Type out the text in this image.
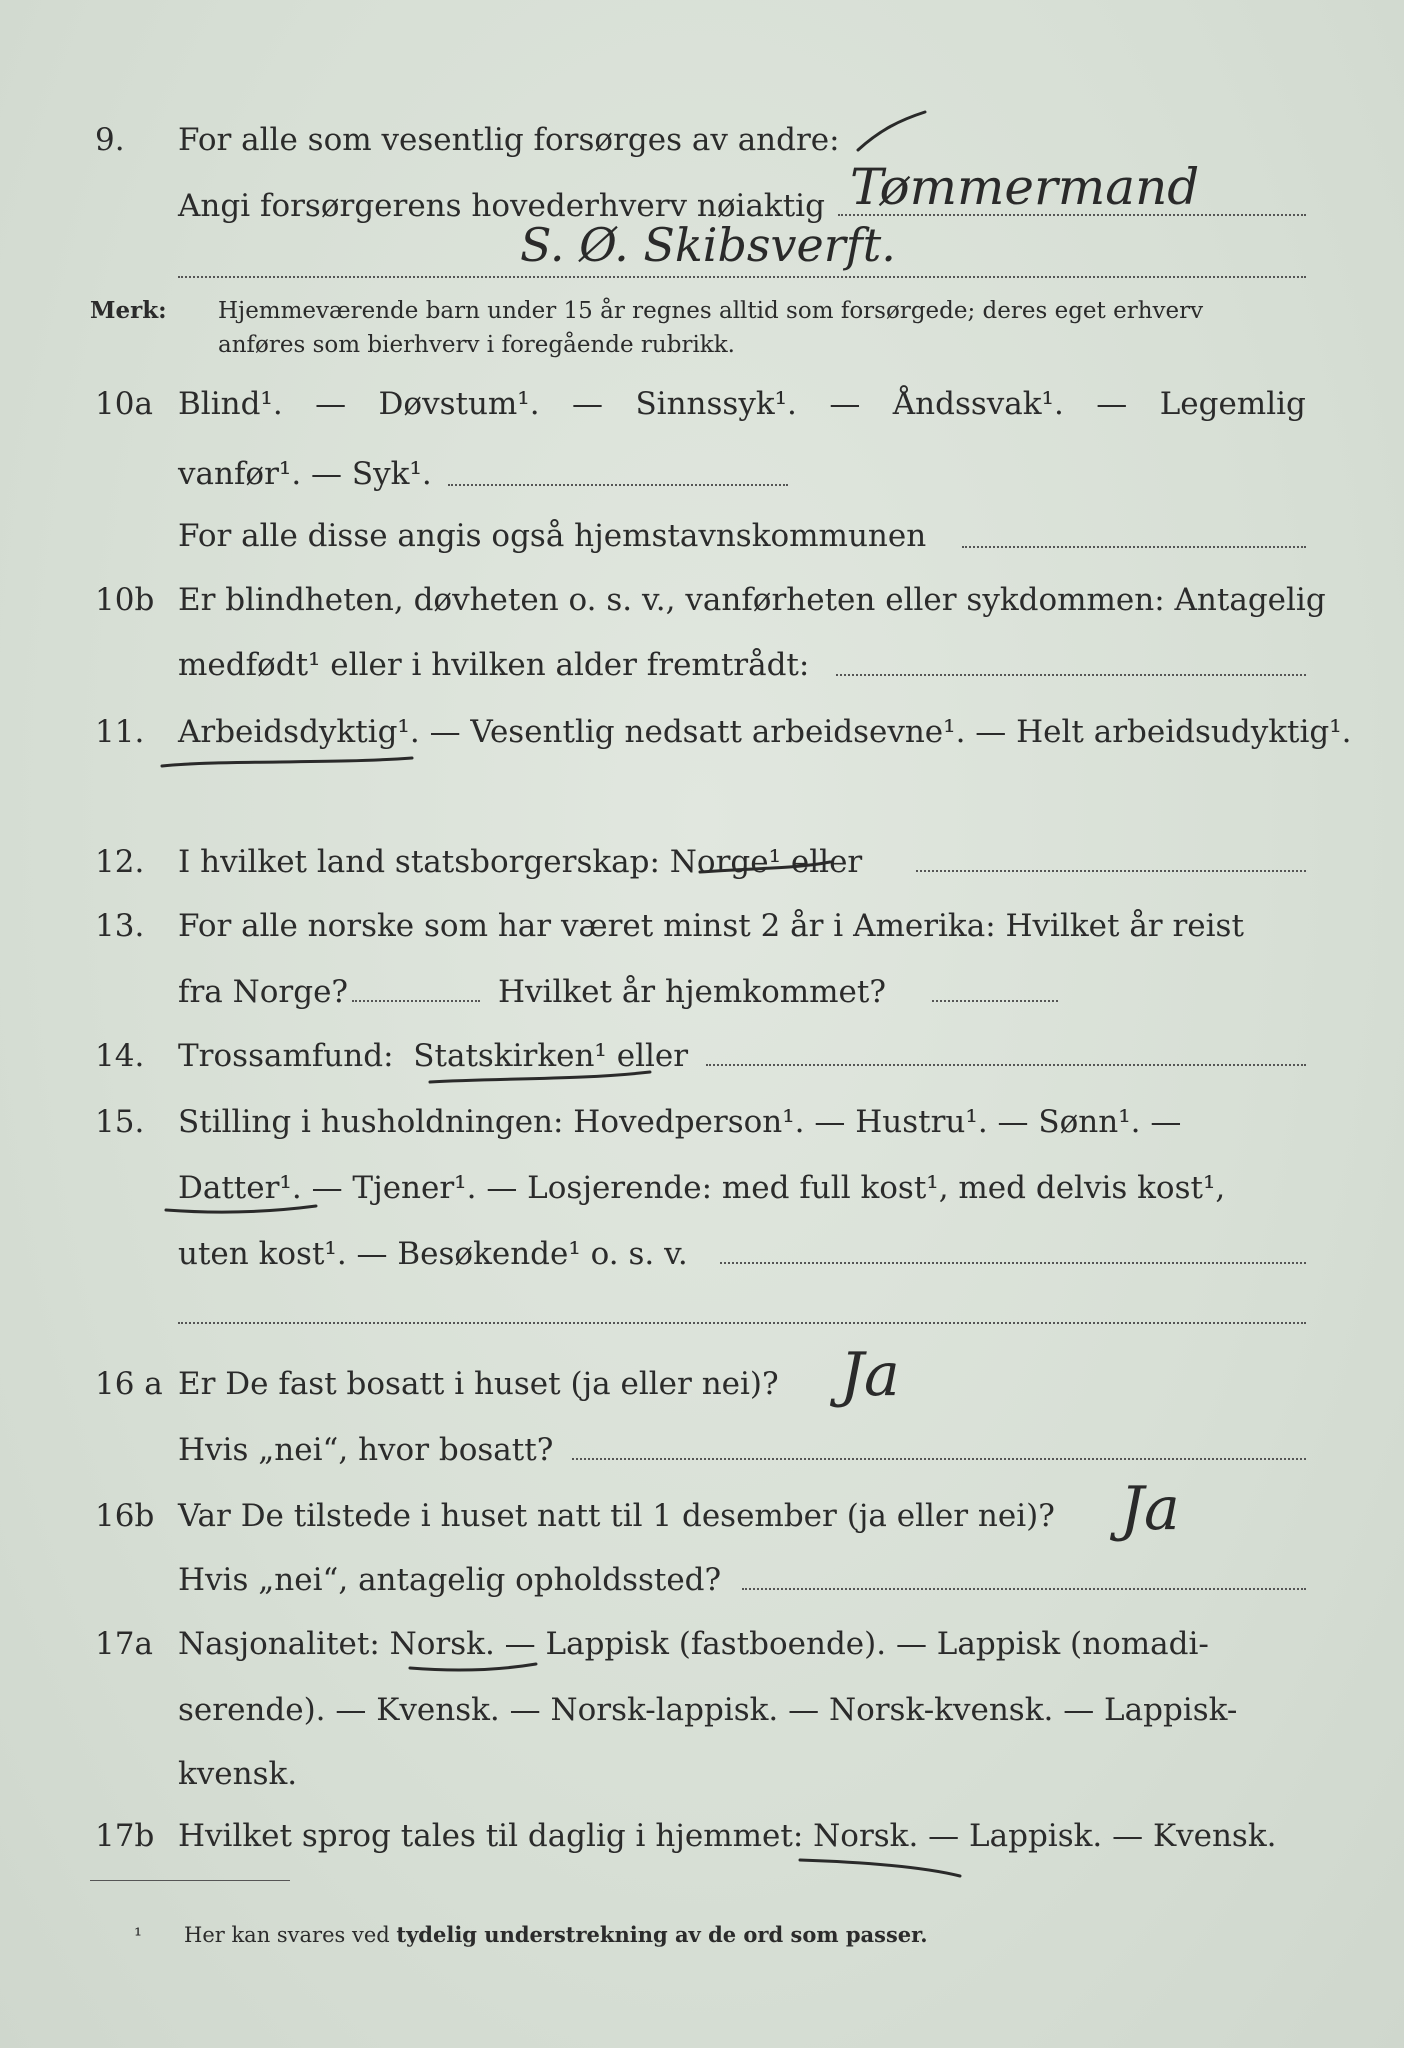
9. For alle som vesentlig forsørges av andre:
Angi forsørgerens hovederhverv nøiaktig Tømmermand
S. Ø. Skibsverft.
Merk: Hjemmeværende barn under 15 år regnes alltid som forsørgede; deres eget erhverv
anføres som bierhverv i foregående rubrikk.
10a Blind¹. — Døvstum¹. — Sinnssyk¹. — Åndssvak¹. — Legemlig
vanfør¹. — Syk¹.
For alle disse angis også hjemstavnskommunen
10b Er blindheten, døvheten o. s. v., vanførheten eller sykdommen: Antagelig
medfødt¹ eller i hvilken alder fremtrådt:
11. Arbeidsdyktig¹. — Vesentlig nedsatt arbeidsevne¹. — Helt arbeidsudyktig¹.
12. I hvilket land statsborgerskap: Norge¹ eller
13. For alle norske som har været minst 2 år i Amerika: Hvilket år reist
fra Norge?	Hvilket år hjemkommet?
14. Trossamfund: Statskirken¹ eller
15. Stilling i husholdningen: Hovedperson¹. — Hustru¹. — Sønn¹. —
Datter¹. — Tjener¹. — Losjerende: med full kost¹, med delvis kost¹,
uten kost¹. — Besøkende¹ o. s. v.
16 a Er De fast bosatt i huset (ja eller nei)? Ja
Hvis „nei“, hvor bosatt?
16b Var De tilstede i huset natt til 1 desember (ja eller nei)? Ja
Hvis „nei“, antagelig opholdssted?
17a Nasjonalitet: Norsk. — Lappisk (fastboende). — Lappisk (nomadi-
serende). — Kvensk. — Norsk-lappisk. — Norsk-kvensk. — Lappisk-
kvensk.
17b Hvilket sprog tales til daglig i hjemmet: Norsk. — Lappisk. — Kvensk.
¹ Her kan svares ved tydelig understrekning av de ord som passer.
